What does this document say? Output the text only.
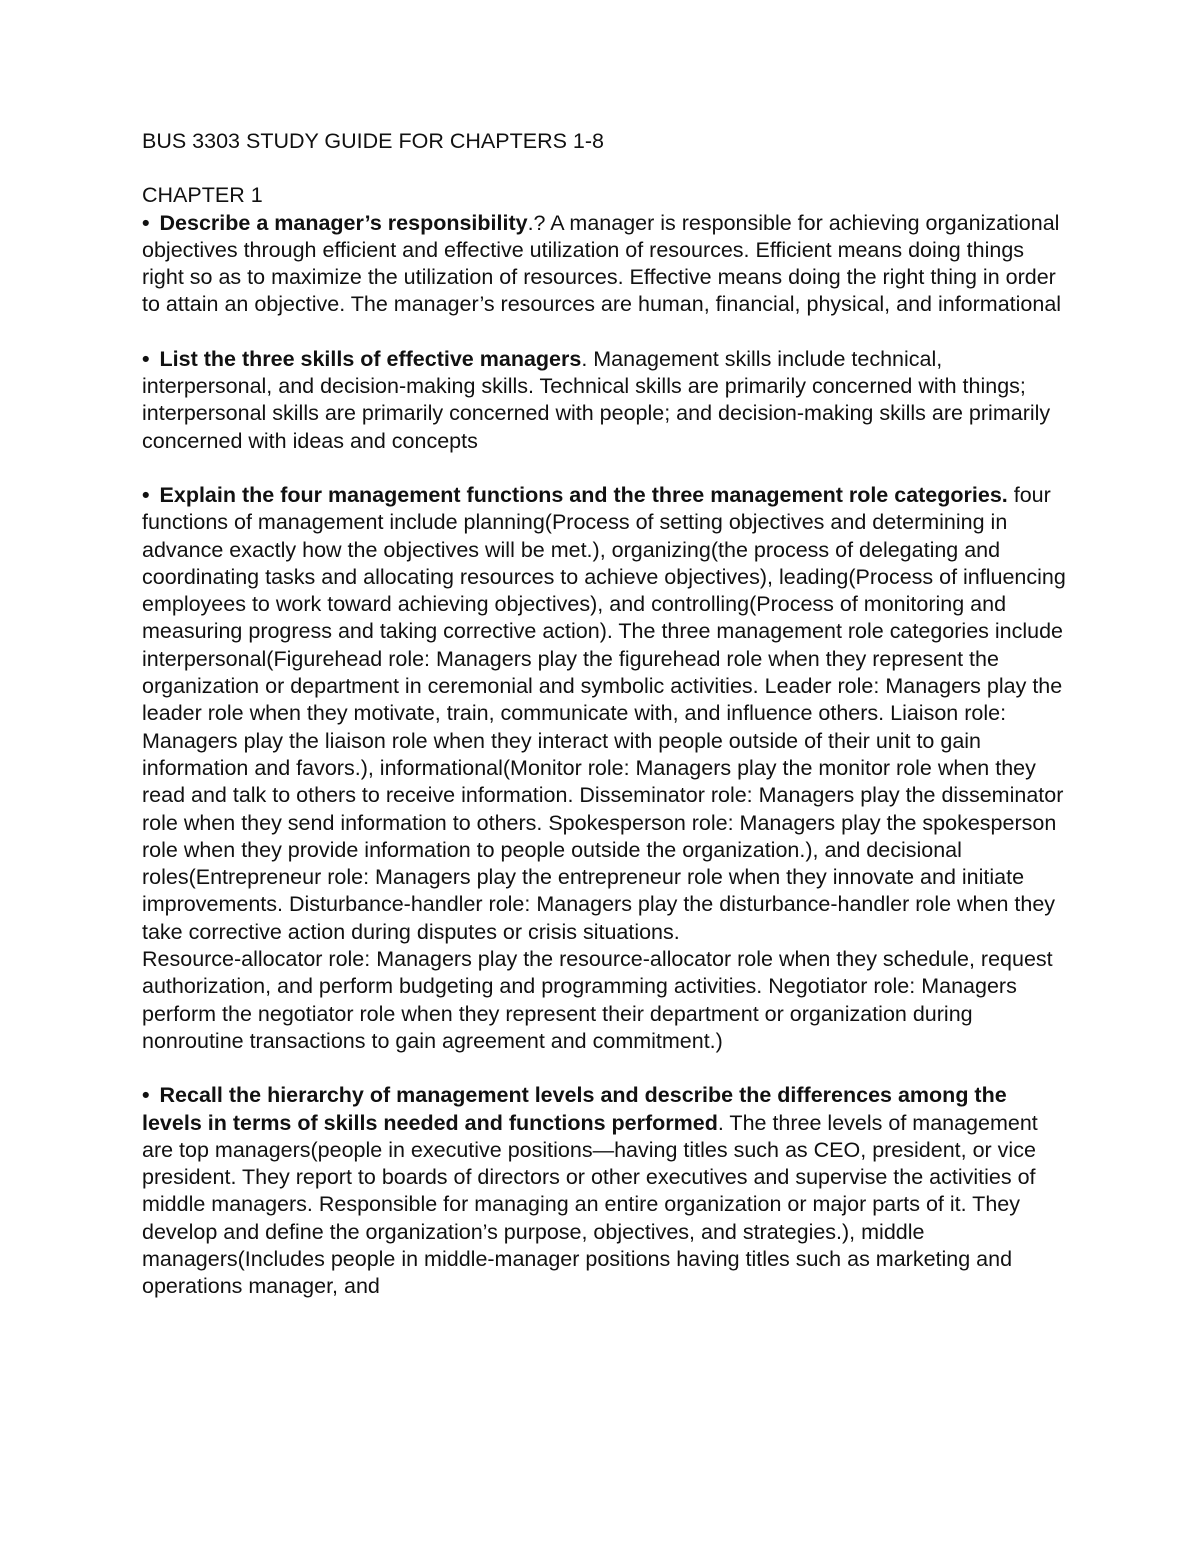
BUS 3303 STUDY GUIDE FOR CHAPTERS 1-8

CHAPTER 1

• Describe a manager’s responsibility.? A manager is responsible for achieving organizational objectives through efficient and effective utilization of resources. Efficient means doing things right so as to maximize the utilization of resources. Effective means doing the right thing in order to attain an objective. The manager’s resources are human, financial, physical, and informational
• List the three skills of effective managers. Management skills include technical, interpersonal, and decision-making skills. Technical skills are primarily concerned with things; interpersonal skills are primarily concerned with people; and decision-making skills are primarily concerned with ideas and concepts
• Explain the four management functions and the three management role categories. four functions of management include planning(Process of setting objectives and determining in advance exactly how the objectives will be met.), organizing(the process of delegating and coordinating tasks and allocating resources to achieve objectives), leading(Process of influencing employees to work toward achieving objectives), and controlling(Process of monitoring and measuring progress and taking corrective action). The three management role categories include interpersonal(Figurehead role: Managers play the figurehead role when they represent the organization or department in ceremonial and symbolic activities. Leader role: Managers play the leader role when they motivate, train, communicate with, and influence others. Liaison role: Managers play the liaison role when they interact with people outside of their unit to gain information and favors.), informational(Monitor role: Managers play the monitor role when they read and talk to others to receive information. Disseminator role: Managers play the disseminator role when they send information to others. Spokesperson role: Managers play the spokesperson role when they provide information to people outside the organization.), and decisional roles(Entrepreneur role: Managers play the entrepreneur role when they innovate and initiate improvements. Disturbance-handler role: Managers play the disturbance-handler role when they take corrective action during disputes or crisis situations.
Resource-allocator role: Managers play the resource-allocator role when they schedule, request authorization, and perform budgeting and programming activities. Negotiator role: Managers perform the negotiator role when they represent their department or organization during nonroutine transactions to gain agreement and commitment.)
• Recall the hierarchy of management levels and describe the differences among the levels in terms of skills needed and functions performed. The three levels of management are top managers(people in executive positions—having titles such as CEO, president, or vice president. They report to boards of directors or other executives and supervise the activities of middle managers. Responsible for managing an entire organization or major parts of it. They develop and define the organization’s purpose, objectives, and strategies.), middle managers(Includes people in middle-manager positions having titles such as marketing and operations manager, and
